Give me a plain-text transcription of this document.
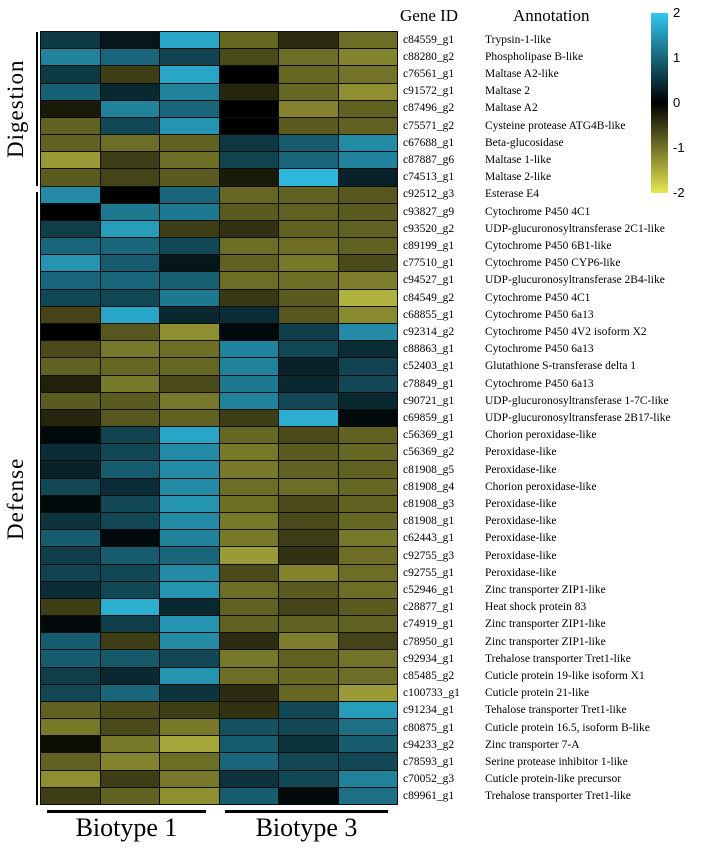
Gene ID	Annotation
Digestion
Defense
c84559_g1
c88280_g2
c76561_g1
c91572_g1
c87496_g2
c75571_g2
c67688_g1
c87887_g6
c74513_g1
c92512_g3
c93827_g9
c93520_g2
c89199_g1
c77510_g1
c94527_g1
c84549_g2
c68855_g1
c92314_g2
c88863_g1
c52403_g1
c78849_g1
c90721_g1
c69859_g1
c56369_g1
c56369_g2
c81908_g5
c81908_g4
c81908_g3
c81908_g1
c62443_g1
c92755_g3
c92755_g1
c52946_g1
c28877_g1
c74919_g1
c78950_g1
c92934_g1
c85485_g2
c100733_g1
c91234_g1
c80875_g1
c94233_g2
c78593_g1
c70052_g3
c89961_g1
Trypsin-1-like
Phospholipase B-like
Maltase A2-like
Maltase 2
Maltase A2
Cysteine protease ATG4B-like
Beta-glucosidase
Maltase 1-like
Maltase 2-like
Esterase E4
Cytochrome P450 4C1
UDP-glucuronosyltransferase 2C1-like
Cytochrome P450 6B1-like
Cytochrome P450 CYP6-like
UDP-glucuronosyltransferase 2B4-like
Cytochrome P450 4C1
Cytochrome P450 6a13
Cytochrome P450 4V2 isoform X2
Cytochrome P450 6a13
Glutathione S-transferase delta 1
Cytochrome P450 6a13
UDP-glucuronosyltransferase 1-7C-like
UDP-glucuronosyltransferase 2B17-like
Chorion peroxidase-like
Peroxidase-like
Peroxidase-like
Chorion peroxidase-like
Peroxidase-like
Peroxidase-like
Peroxidase-like
Peroxidase-like
Peroxidase-like
Zinc transporter ZIP1-like
Heat shock protein 83
Zinc transporter ZIP1-like
Zinc transporter ZIP1-like
Trehalose transporter Tret1-like
Cuticle protein 19-like isoform X1
Cuticle protein 21-like
Tehalose transporter Tret1-like
Cuticle protein 16.5, isoform B-like
Zinc transporter 7-A
Serine protease inhibitor 1-like
Cuticle protein-like precursor
Trehalose transporter Tret1-like
2
1
0
-1
-2
Biotype 1	Biotype 3
